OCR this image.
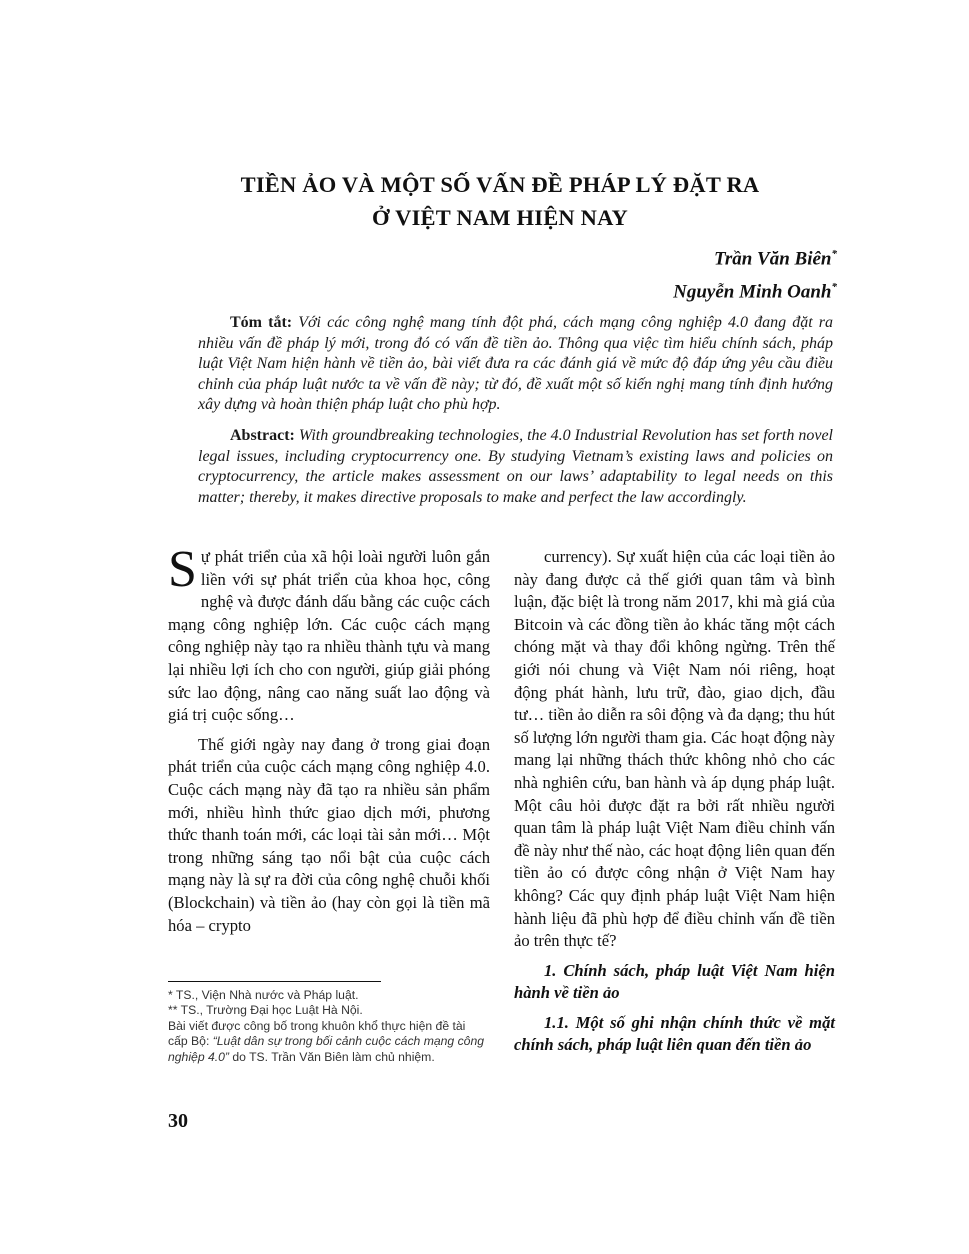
TIỀN ẢO VÀ MỘT SỐ VẤN ĐỀ PHÁP LÝ ĐẶT RA
Ở VIỆT NAM HIỆN NAY
Trần Văn Biên*
Nguyễn Minh Oanh*
Tóm tắt: Với các công nghệ mang tính đột phá, cách mạng công nghiệp 4.0 đang đặt ra nhiều vấn đề pháp lý mới, trong đó có vấn đề tiền ảo. Thông qua việc tìm hiểu chính sách, pháp luật Việt Nam hiện hành về tiền ảo, bài viết đưa ra các đánh giá về mức độ đáp ứng yêu cầu điều chỉnh của pháp luật nước ta về vấn đề này; từ đó, đề xuất một số kiến nghị mang tính định hướng xây dựng và hoàn thiện pháp luật cho phù hợp.
Abstract: With groundbreaking technologies, the 4.0 Industrial Revolution has set forth novel legal issues, including cryptocurrency one. By studying Vietnam’s existing laws and policies on cryptocurrency, the article makes assessment on our laws’ adaptability to legal needs on this matter; thereby, it makes directive proposals to make and perfect the law accordingly.

Sự phát triển của xã hội loài người luôn gắn liền với sự phát triển của khoa học, công nghệ và được đánh dấu bằng các cuộc cách mạng công nghiệp lớn. Các cuộc cách mạng công nghiệp này tạo ra nhiều thành tựu và mang lại nhiều lợi ích cho con người, giúp giải phóng sức lao động, nâng cao năng suất lao động và giá trị cuộc sống…

Thế giới ngày nay đang ở trong giai đoạn phát triển của cuộc cách mạng công nghiệp 4.0. Cuộc cách mạng này đã tạo ra nhiều sản phẩm mới, nhiều hình thức giao dịch mới, phương thức thanh toán mới, các loại tài sản mới… Một trong những sáng tạo nổi bật của cuộc cách mạng này là sự ra đời của công nghệ chuỗi khối (Blockchain) và tiền ảo (hay còn gọi là tiền mã hóa – crypto

currency). Sự xuất hiện của các loại tiền ảo này đang được cả thế giới quan tâm và bình luận, đặc biệt là trong năm 2017, khi mà giá của Bitcoin và các đồng tiền ảo khác tăng một cách chóng mặt và thay đổi không ngừng. Trên thế giới nói chung và Việt Nam nói riêng, hoạt động phát hành, lưu trữ, đào, giao dịch, đầu tư… tiền ảo diễn ra sôi động và đa dạng; thu hút số lượng lớn người tham gia. Các hoạt động này mang lại những thách thức không nhỏ cho các nhà nghiên cứu, ban hành và áp dụng pháp luật. Một câu hỏi được đặt ra bởi rất nhiều người quan tâm là pháp luật Việt Nam điều chỉnh vấn đề này như thế nào, các hoạt động liên quan đến tiền ảo có được công nhận ở Việt Nam hay không? Các quy định pháp luật Việt Nam hiện hành liệu đã phù hợp để điều chỉnh vấn đề tiền ảo trên thực tế?

1. Chính sách, pháp luật Việt Nam hiện hành về tiền ảo

1.1. Một số ghi nhận chính thức về mặt chính sách, pháp luật liên quan đến tiền ảo

* TS., Viện Nhà nước và Pháp luật.
** TS., Trường Đại học Luật Hà Nội.
Bài viết được công bố trong khuôn khổ thực hiện đề tài cấp Bộ: “Luật dân sự trong bối cảnh cuộc cách mạng công nghiệp 4.0” do TS. Trần Văn Biên làm chủ nhiệm.
30
